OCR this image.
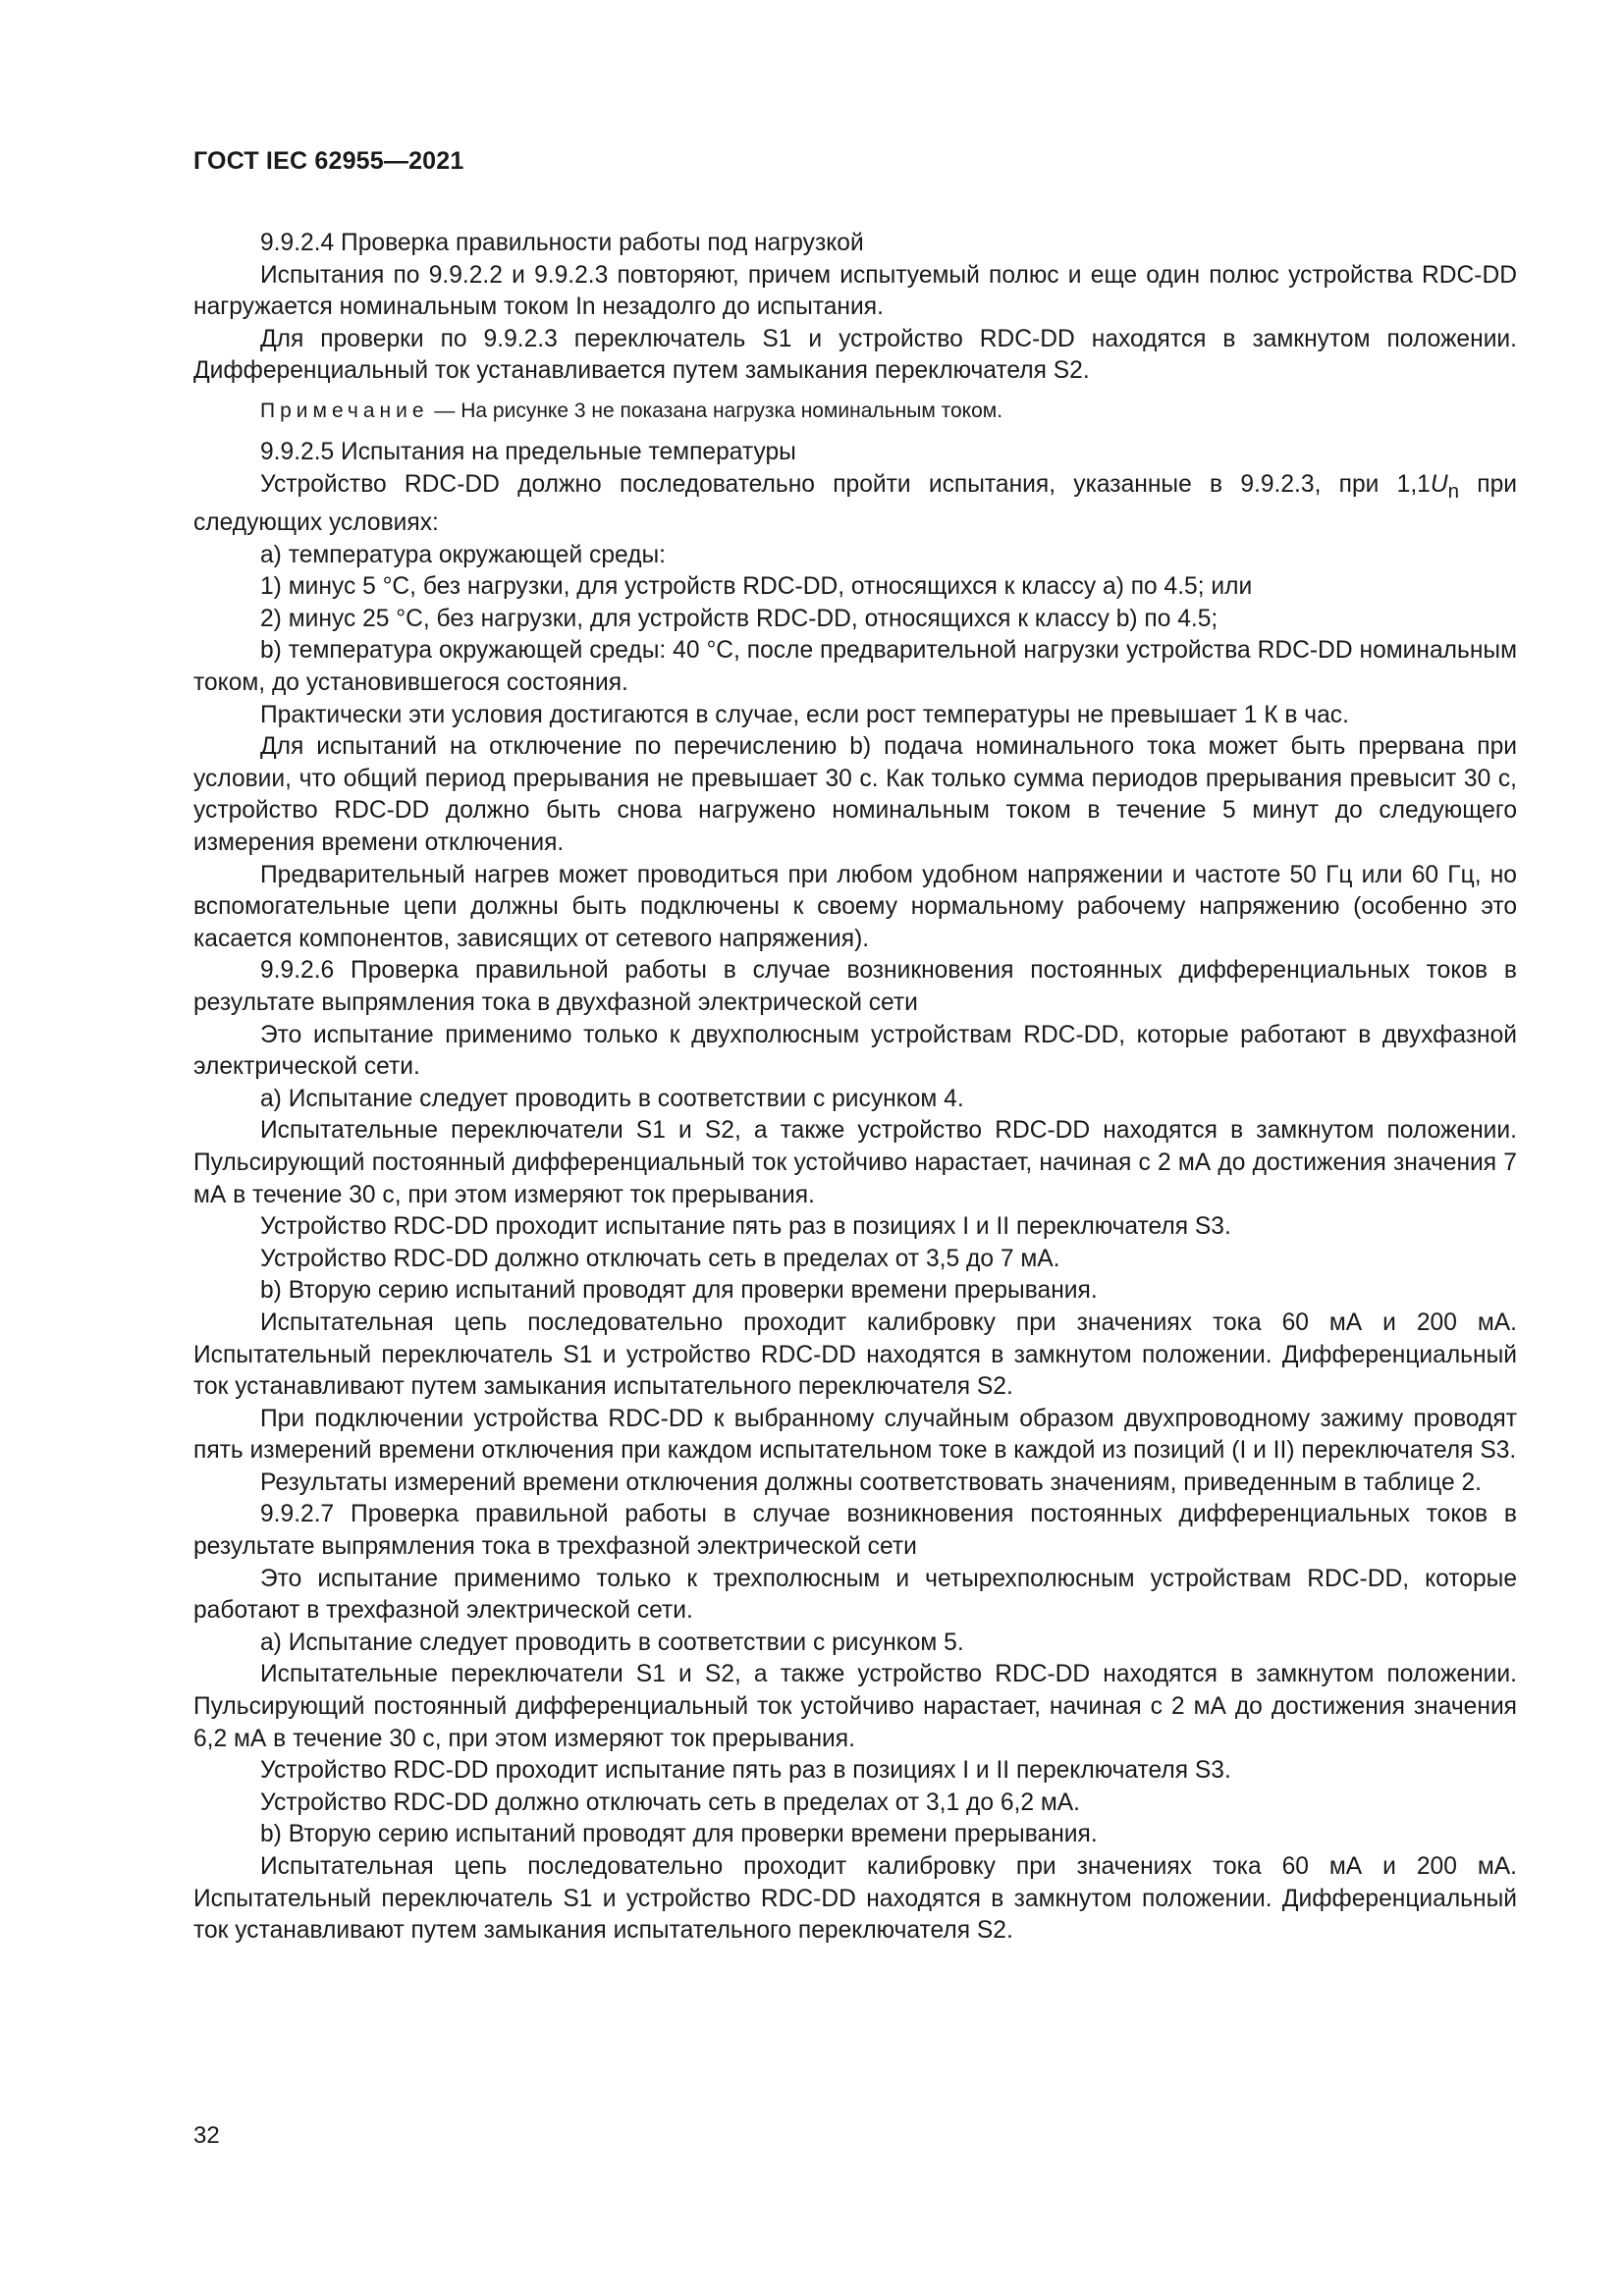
ГОСТ IEC 62955—2021

9.9.2.4 Проверка правильности работы под нагрузкой

Испытания по 9.9.2.2 и 9.9.2.3 повторяют, причем испытуемый полюс и еще один полюс устройства RDC-DD нагружается номинальным током In незадолго до испытания.

Для проверки по 9.9.2.3 переключатель S1 и устройство RDC-DD находятся в замкнутом положении. Дифференциальный ток устанавливается путем замыкания переключателя S2.

Примечание — На рисунке 3 не показана нагрузка номинальным током.

9.9.2.5 Испытания на предельные температуры

Устройство RDC-DD должно последовательно пройти испытания, указанные в 9.9.2.3, при $1,1U_n$ при следующих условиях:

а) температура окружающей среды:

1) минус 5 °С, без нагрузки, для устройств RDC-DD, относящихся к классу а) по 4.5; или

2) минус 25 °С, без нагрузки, для устройств RDC-DD, относящихся к классу b) по 4.5;

b) температура окружающей среды: 40 °С, после предварительной нагрузки устройства RDC-DD номинальным током, до установившегося состояния.

Практически эти условия достигаются в случае, если рост температуры не превышает 1 К в час.

Для испытаний на отключение по перечислению b) подача номинального тока может быть прервана при условии, что общий период прерывания не превышает 30 с. Как только сумма периодов прерывания превысит 30 с, устройство RDC-DD должно быть снова нагружено номинальным током в течение 5 минут до следующего измерения времени отключения.

Предварительный нагрев может проводиться при любом удобном напряжении и частоте 50 Гц или 60 Гц, но вспомогательные цепи должны быть подключены к своему нормальному рабочему напряжению (особенно это касается компонентов, зависящих от сетевого напряжения).

9.9.2.6 Проверка правильной работы в случае возникновения постоянных дифференциальных токов в результате выпрямления тока в двухфазной электрической сети

Это испытание применимо только к двухполюсным устройствам RDC-DD, которые работают в двухфазной электрической сети.

а) Испытание следует проводить в соответствии с рисунком 4.

Испытательные переключатели S1 и S2, а также устройство RDC-DD находятся в замкнутом положении. Пульсирующий постоянный дифференциальный ток устойчиво нарастает, начиная с 2 мА до достижения значения 7 мА в течение 30 с, при этом измеряют ток прерывания.

Устройство RDC-DD проходит испытание пять раз в позициях I и II переключателя S3.

Устройство RDC-DD должно отключать сеть в пределах от 3,5 до 7 мА.

b) Вторую серию испытаний проводят для проверки времени прерывания.

Испытательная цепь последовательно проходит калибровку при значениях тока 60 мА и 200 мА. Испытательный переключатель S1 и устройство RDC-DD находятся в замкнутом положении. Дифференциальный ток устанавливают путем замыкания испытательного переключателя S2.

При подключении устройства RDC-DD к выбранному случайным образом двухпроводному зажиму проводят пять измерений времени отключения при каждом испытательном токе в каждой из позиций (I и II) переключателя S3.

Результаты измерений времени отключения должны соответствовать значениям, приведенным в таблице 2.

9.9.2.7 Проверка правильной работы в случае возникновения постоянных дифференциальных токов в результате выпрямления тока в трехфазной электрической сети

Это испытание применимо только к трехполюсным и четырехполюсным устройствам RDC-DD, которые работают в трехфазной электрической сети.

а) Испытание следует проводить в соответствии с рисунком 5.

Испытательные переключатели S1 и S2, а также устройство RDC-DD находятся в замкнутом положении. Пульсирующий постоянный дифференциальный ток устойчиво нарастает, начиная с 2 мА до достижения значения 6,2 мА в течение 30 с, при этом измеряют ток прерывания.

Устройство RDC-DD проходит испытание пять раз в позициях I и II переключателя S3.

Устройство RDC-DD должно отключать сеть в пределах от 3,1 до 6,2 мА.

b) Вторую серию испытаний проводят для проверки времени прерывания.

Испытательная цепь последовательно проходит калибровку при значениях тока 60 мА и 200 мА. Испытательный переключатель S1 и устройство RDC-DD находятся в замкнутом положении. Дифференциальный ток устанавливают путем замыкания испытательного переключателя S2.

32
